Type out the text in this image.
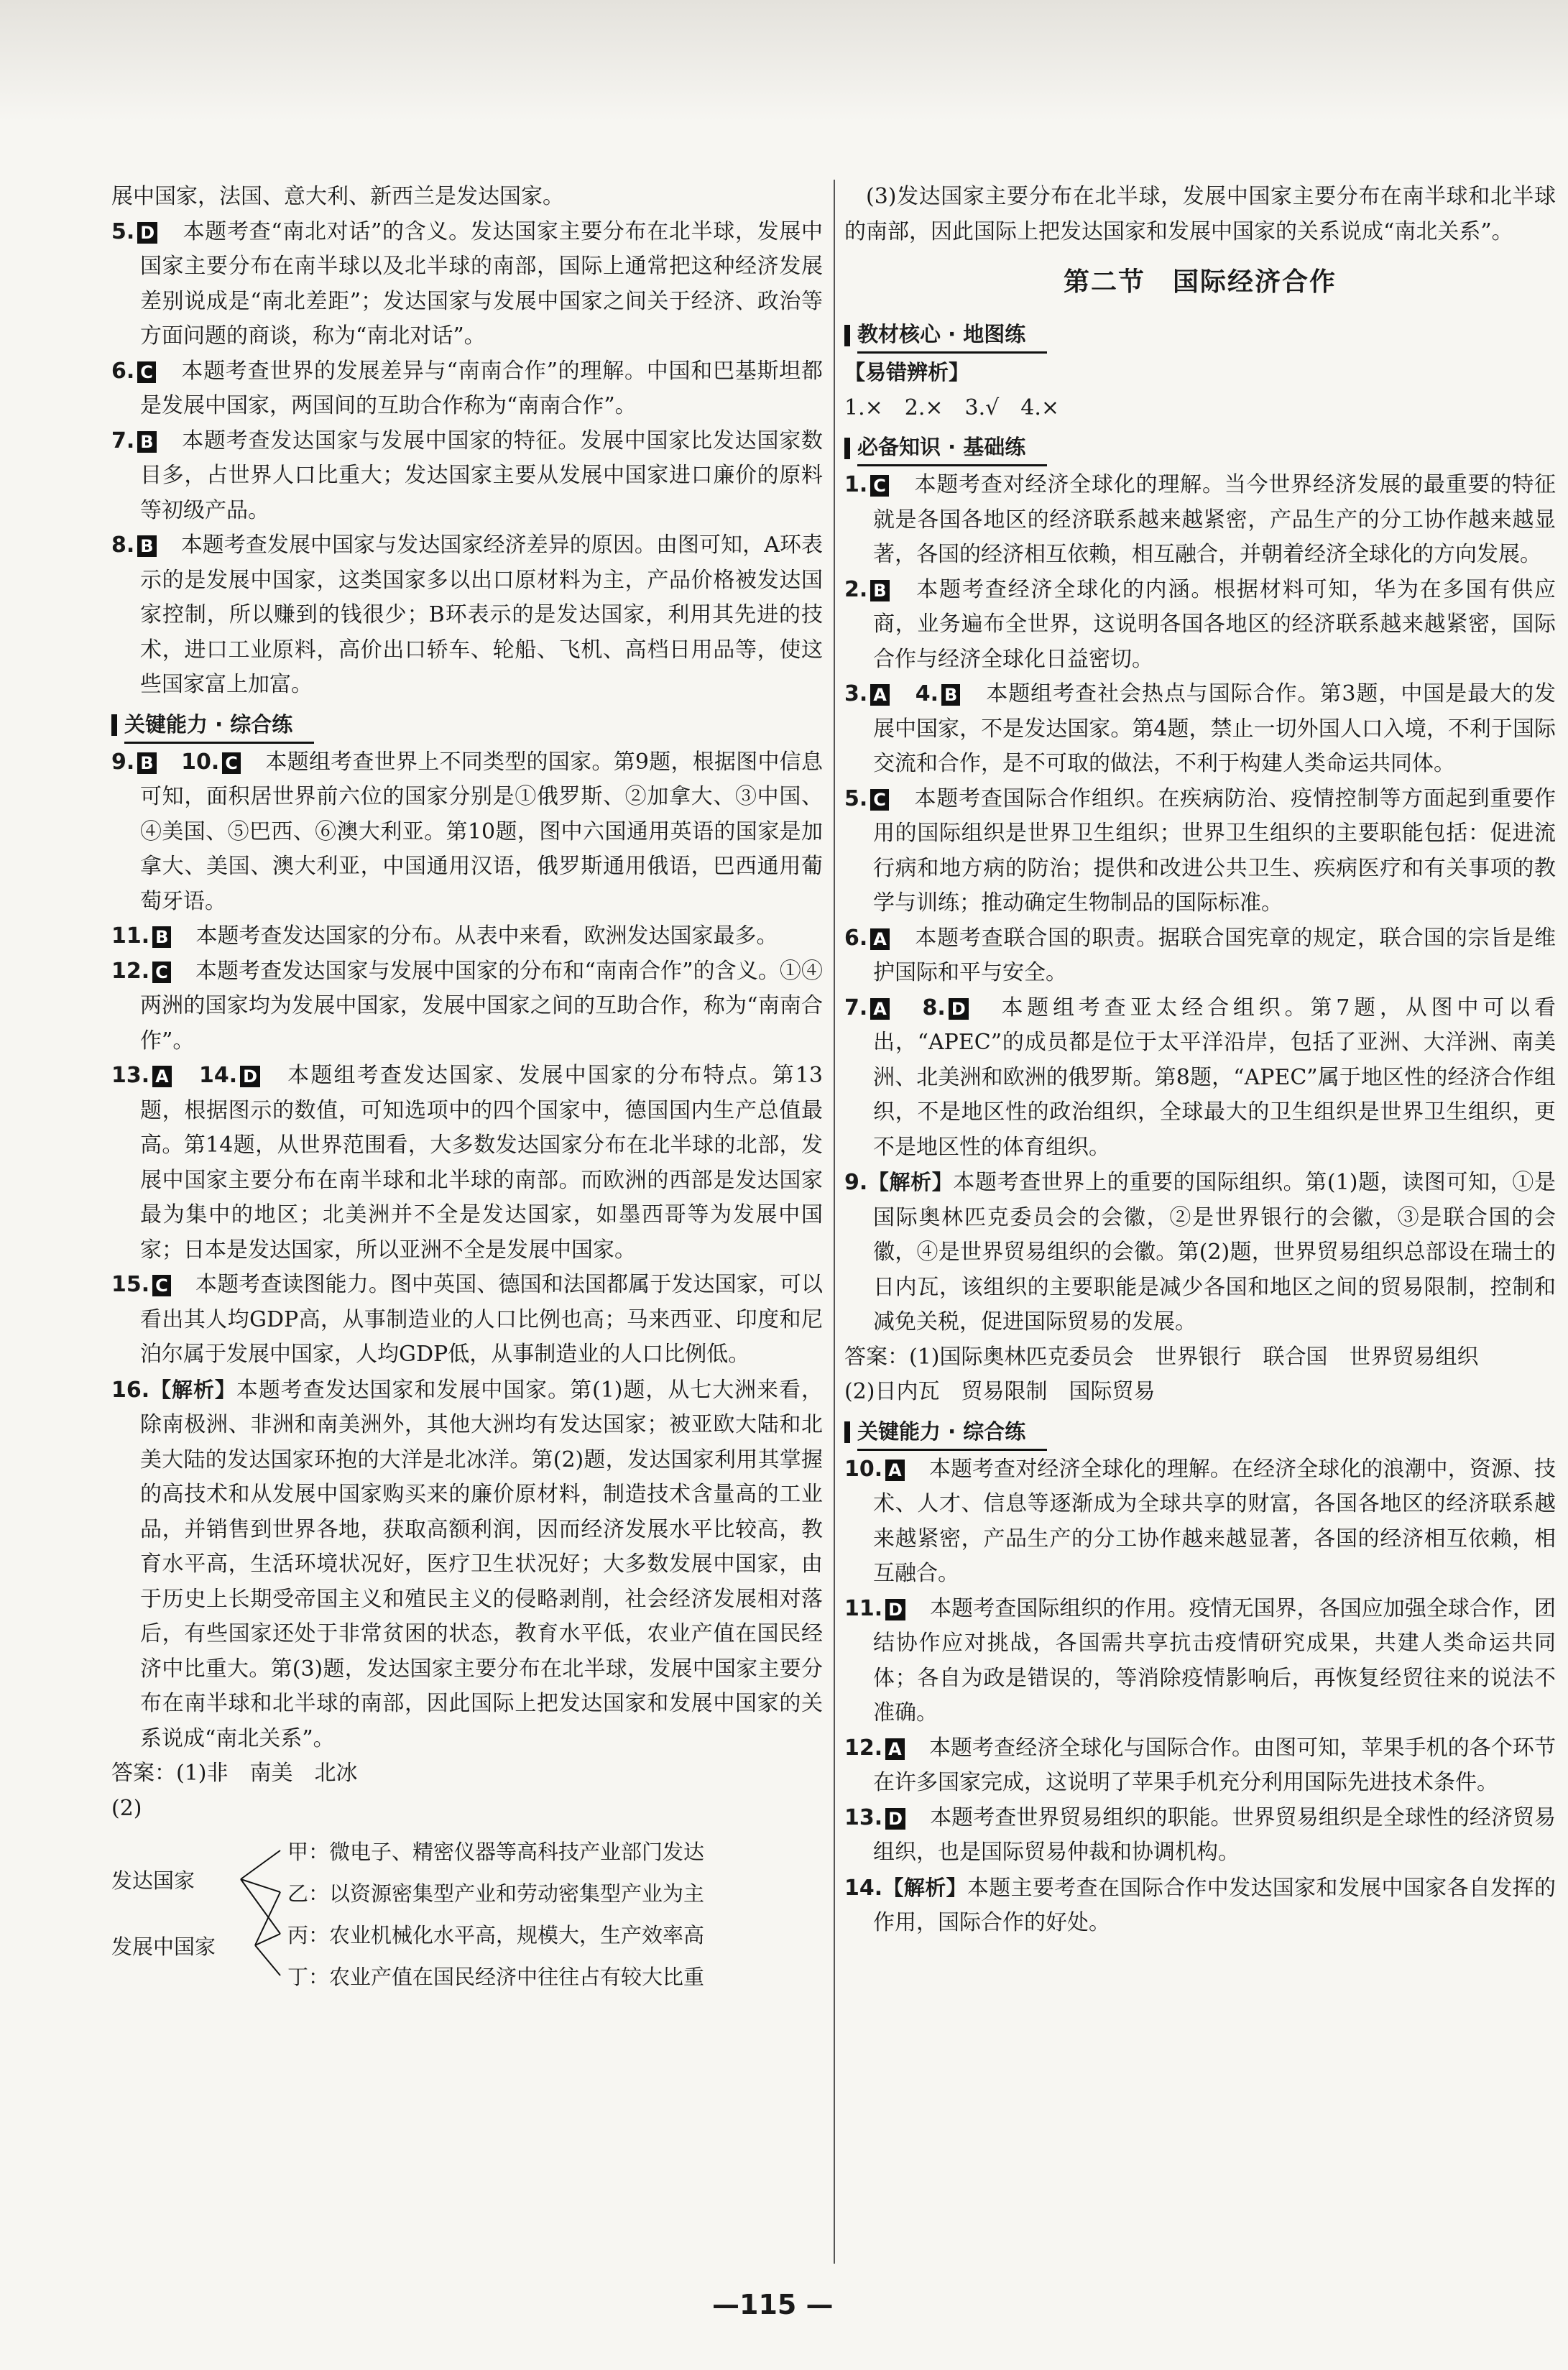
展中国家，法国、意大利、新西兰是发达国家。

5. D　 本题考查“南北对话”的含义。发达国家主要分布在北半球，发展中国家主要分布在南半球以及北半球的南部，国际上通常把这种经济发展差别说成是“南北差距”；发达国家与发展中国家之间关于经济、政治等方面问题的商谈，称为“南北对话”。

6. C　 本题考查世界的发展差异与“南南合作”的理解。中国和巴基斯坦都是发展中国家，两国间的互助合作称为“南南合作”。

7. B　 本题考查发达国家与发展中国家的特征。发展中国家比发达国家数目多，占世界人口比重大；发达国家主要从发展中国家进口廉价的原料等初级产品。

8. B　 本题考查发展中国家与发达国家经济差异的原因。由图可知，A环表示的是发展中国家，这类国家多以出口原材料为主，产品价格被发达国家控制，所以赚到的钱很少；B环表示的是发达国家，利用其先进的技术，进口工业原料，高价出口轿车、轮船、飞机、高档日用品等，使这些国家富上加富。

关键能力 · 综合练

9. B　 10. C　 本题组考查世界上不同类型的国家。第9题，根据图中信息可知，面积居世界前六位的国家分别是①俄罗斯、②加拿大、③中国、④美国、⑤巴西、⑥澳大利亚。第10题，图中六国通用英语的国家是加拿大、美国、澳大利亚，中国通用汉语，俄罗斯通用俄语，巴西通用葡萄牙语。

11. B　 本题考查发达国家的分布。从表中来看，欧洲发达国家最多。

12. C　 本题考查发达国家与发展中国家的分布和“南南合作”的含义。①④两洲的国家均为发展中国家，发展中国家之间的互助合作，称为“南南合作”。

13. A　 14. D　 本题组考查发达国家、发展中国家的分布特点。第13题，根据图示的数值，可知选项中的四个国家中，德国国内生产总值最高。第14题，从世界范围看，大多数发达国家分布在北半球的北部，发展中国家主要分布在南半球和北半球的南部。而欧洲的西部是发达国家最为集中的地区；北美洲并不全是发达国家，如墨西哥等为发展中国家；日本是发达国家，所以亚洲不全是发展中国家。

15. C　 本题考查读图能力。图中英国、德国和法国都属于发达国家，可以看出其人均GDP高，从事制造业的人口比例也高；马来西亚、印度和尼泊尔属于发展中国家，人均GDP低，从事制造业的人口比例低。

16.【解析】本题考查发达国家和发展中国家。第(1)题，从七大洲来看，除南极洲、非洲和南美洲外，其他大洲均有发达国家；被亚欧大陆和北美大陆的发达国家环抱的大洋是北冰洋。第(2)题，发达国家利用其掌握的高技术和从发展中国家购买来的廉价原材料，制造技术含量高的工业品，并销售到世界各地，获取高额利润，因而经济发展水平比较高，教育水平高，生活环境状况好，医疗卫生状况好；大多数发展中国家，由于历史上长期受帝国主义和殖民主义的侵略剥削，社会经济发展相对落后，有些国家还处于非常贫困的状态，教育水平低，农业产值在国民经济中比重大。第(3)题，发达国家主要分布在北半球，发展中国家主要分布在南半球和北半球的南部，因此国际上把发达国家和发展中国家的关系说成“南北关系”。

答案：(1)非　南美　北冰

(2)

发达国家
发展中国家
甲：微电子、精密仪器等高科技产业部门发达
乙：以资源密集型产业和劳动密集型产业为主
丙：农业机械化水平高，规模大，生产效率高
丁：农业产值在国民经济中往往占有较大比重

(3)发达国家主要分布在北半球，发展中国家主要分布在南半球和北半球的南部，因此国际上把发达国家和发展中国家的关系说成“南北关系”。

第二节　国际经济合作
教材核心 · 地图练

【易错辨析】

1.×　2.×　3.√　4.×

必备知识 · 基础练

1. C　 本题考查对经济全球化的理解。当今世界经济发展的最重要的特征就是各国各地区的经济联系越来越紧密，产品生产的分工协作越来越显著，各国的经济相互依赖，相互融合，并朝着经济全球化的方向发展。

2. B　 本题考查经济全球化的内涵。根据材料可知，华为在多国有供应商，业务遍布全世界，这说明各国各地区的经济联系越来越紧密，国际合作与经济全球化日益密切。

3. A　 4. B　 本题组考查社会热点与国际合作。第3题，中国是最大的发展中国家，不是发达国家。第4题，禁止一切外国人口入境，不利于国际交流和合作，是不可取的做法，不利于构建人类命运共同体。

5. C　 本题考查国际合作组织。在疾病防治、疫情控制等方面起到重要作用的国际组织是世界卫生组织；世界卫生组织的主要职能包括：促进流行病和地方病的防治；提供和改进公共卫生、疾病医疗和有关事项的教学与训练；推动确定生物制品的国际标准。

6. A　 本题考查联合国的职责。据联合国宪章的规定，联合国的宗旨是维护国际和平与安全。

7. A　 8. D　 本题组考查亚太经合组织。第7题，从图中可以看出，“APEC”的成员都是位于太平洋沿岸，包括了亚洲、大洋洲、南美洲、北美洲和欧洲的俄罗斯。第8题，“APEC”属于地区性的经济合作组织，不是地区性的政治组织，全球最大的卫生组织是世界卫生组织，更不是地区性的体育组织。

9.【解析】本题考查世界上的重要的国际组织。第(1)题，读图可知，①是国际奥林匹克委员会的会徽，②是世界银行的会徽，③是联合国的会徽，④是世界贸易组织的会徽。第(2)题，世界贸易组织总部设在瑞士的日内瓦，该组织的主要职能是减少各国和地区之间的贸易限制，控制和减免关税，促进国际贸易的发展。

答案：(1)国际奥林匹克委员会　世界银行　联合国　世界贸易组织

(2)日内瓦　贸易限制　国际贸易

关键能力 · 综合练

10. A　 本题考查对经济全球化的理解。在经济全球化的浪潮中，资源、技术、人才、信息等逐渐成为全球共享的财富，各国各地区的经济联系越来越紧密，产品生产的分工协作越来越显著，各国的经济相互依赖，相互融合。

11. D　 本题考查国际组织的作用。疫情无国界，各国应加强全球合作，团结协作应对挑战，各国需共享抗击疫情研究成果，共建人类命运共同体；各自为政是错误的，等消除疫情影响后，再恢复经贸往来的说法不准确。

12. A　 本题考查经济全球化与国际合作。由图可知，苹果手机的各个环节在许多国家完成，这说明了苹果手机充分利用国际先进技术条件。

13. D　 本题考查世界贸易组织的职能。世界贸易组织是全球性的经济贸易组织，也是国际贸易仲裁和协调机构。

14.【解析】本题主要考查在国际合作中发达国家和发展中国家各自发挥的作用，国际合作的好处。

—115 —
